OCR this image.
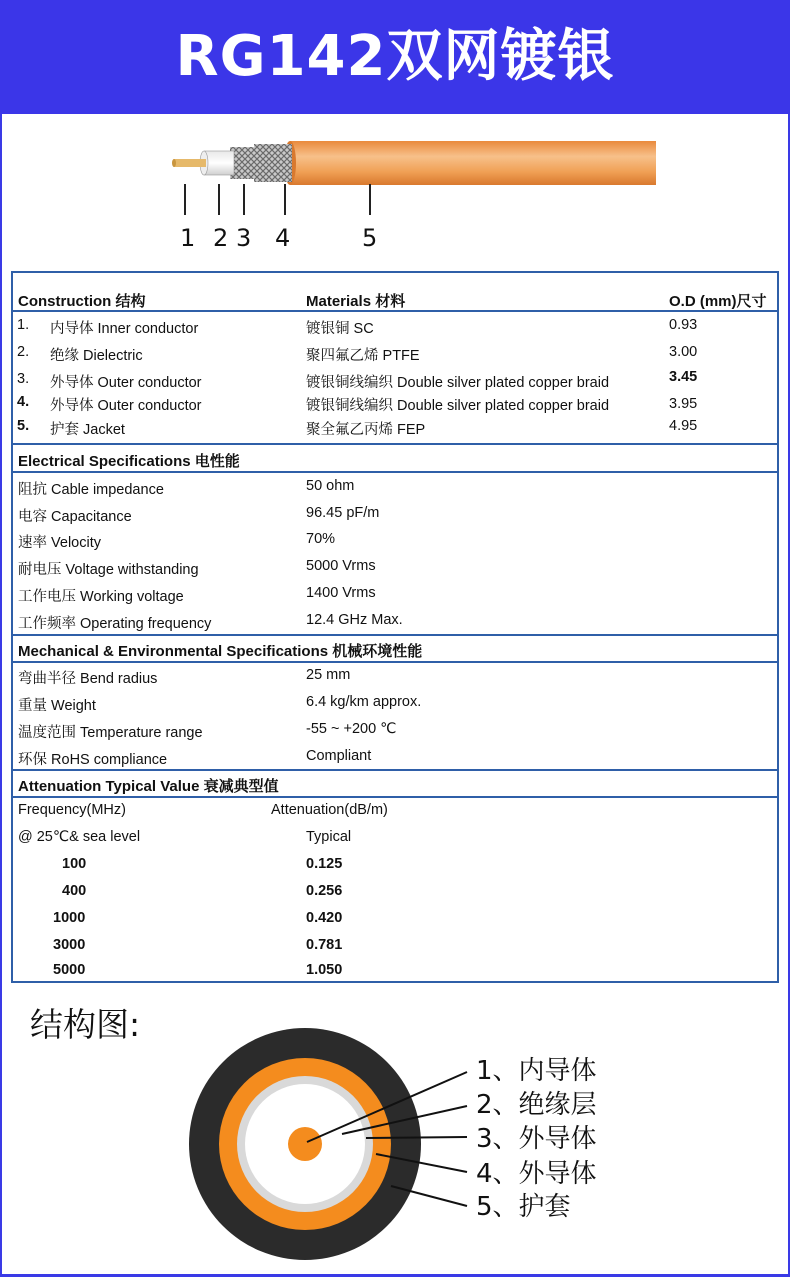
RG142双网镀银
1 2 3 4	5
Construction 结构	Materials 材料	O.D (mm)尺寸
1. 内导体 Inner conductor	镀银铜 SC	0.93
2. 绝缘 Dielectric	聚四氟乙烯 PTFE	3.00
3. 外导体 Outer conductor	镀银铜线编织 Double silver plated copper braid	3.45
4. 外导体 Outer conductor	镀银铜线编织 Double silver plated copper braid	3.95
5. 护套 Jacket	聚全氟乙丙烯 FEP	4.95
Electrical Specifications 电性能
阻抗 Cable impedance	50 ohm
电容 Capacitance	96.45 pF/m
速率 Velocity	70%
耐电压 Voltage withstanding	5000 Vrms
工作电压 Working voltage	1400 Vrms
工作频率 Operating frequency	12.4 GHz Max.
Mechanical & Environmental Specifications 机械环境性能
弯曲半径 Bend radius	25 mm
重量 Weight	6.4 kg/km approx.
温度范围 Temperature range	-55 ~ +200 ℃
环保 RoHS compliance	Compliant
Attenuation Typical Value 衰减典型值
Frequency(MHz)	Attenuation(dB/m)
@ 25℃& sea level	Typical
100	0.125
400	0.256
1000	0.420
3000	0.781
5000	1.050
结构图:
1、内导体
2、绝缘层
3、外导体
4、外导体
5、护套
